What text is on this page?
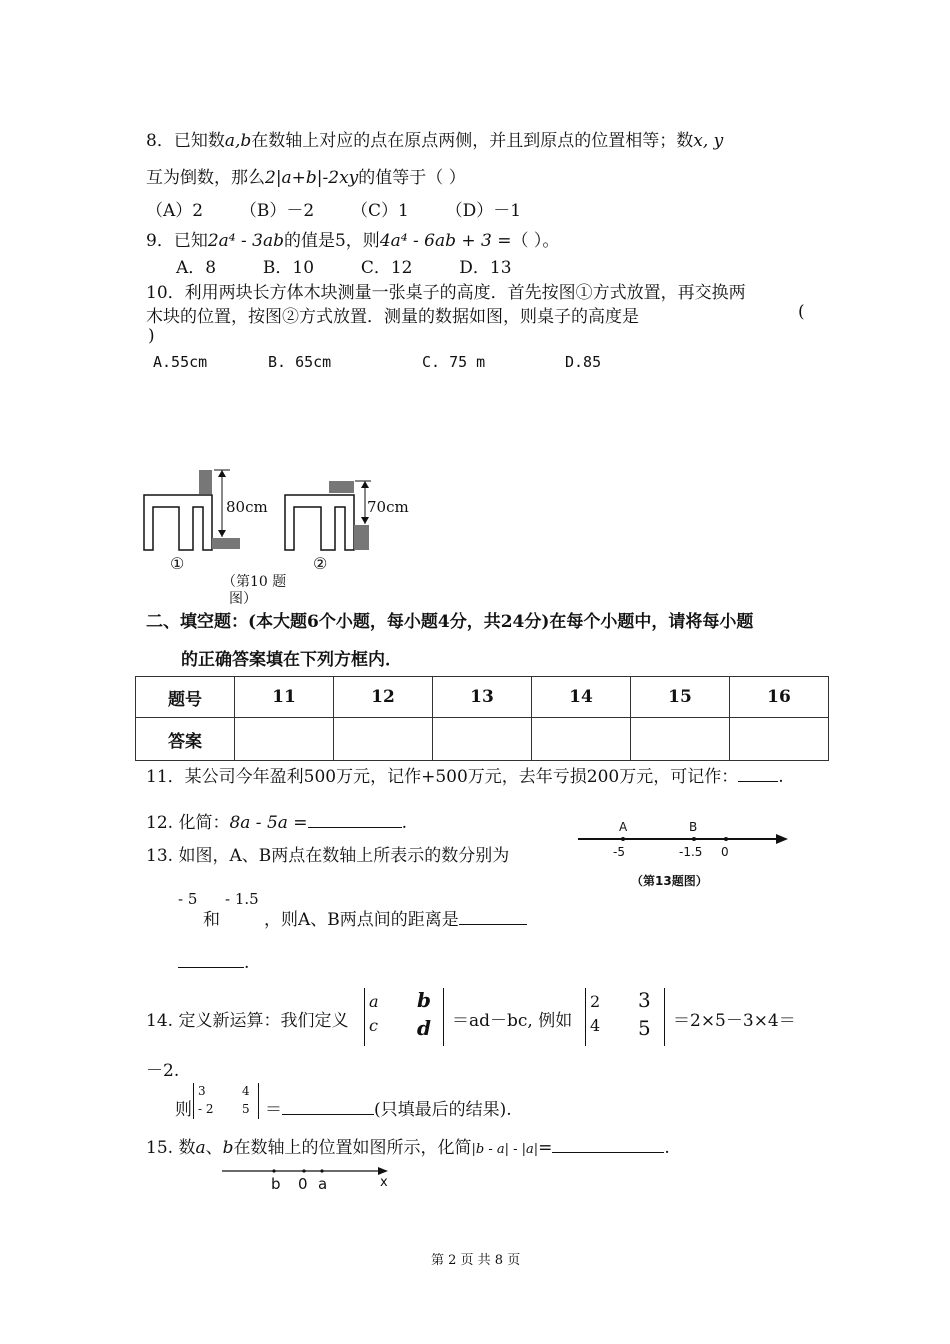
8．已知数a,b在数轴上对应的点在原点两侧，并且到原点的位置相等；数x, y
互为倒数，那么2|a+b|-2xy的值等于（ ）
（A）2 （B）－2 （C）1 （D）－1
9．已知2a⁴ - 3ab的值是5，则4a⁴ - 6ab + 3 =（ ）。
A．8	B．10	C．12	D．13
10．利用两块长方体木块测量一张桌子的高度．首先按图①方式放置，再交换两
木块的位置，按图②方式放置．测量的数据如图，则桌子的高度是	(
)
A.55cm	B. 65cm	C. 75 m	D.85
80cm	70cm
①	②
（第10 题
图）
二、填空题：(本大题6个小题，每小题4分，共24分)在每个小题中，请将每小题
的正确答案填在下列方框内．
题号	11	12	13	14	15	16
答案						
11．某公司今年盈利500万元，记作+500万元，去年亏损200万元，可记作： .
12. 化简：8a - 5a =	.
13. 如图，A、B两点在数轴上所表示的数分别为
A	B
-5	-1.5 0
（第13题图）
- 5
和
- 1.5
，则A、B两点间的距离是
.
14. 定义新运算：我们定义
a b
c d ＝ad－bc, 例如
2 3
4 5 ＝2×5－3×4＝
－2.
则
3	4
- 2 5 ＝	(只填最后的结果).
15. 数a、b在数轴上的位置如图所示，化简|b - a| - |a|=	.
b 0 a	x
第 2 页 共 8 页
